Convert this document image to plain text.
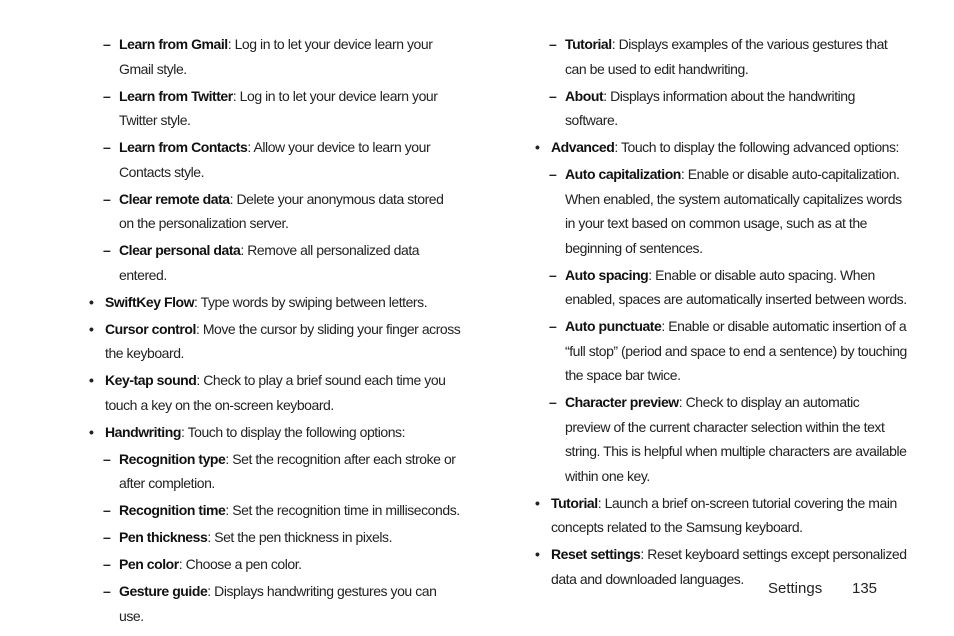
– Learn from Gmail: Log in to let your device learn your Gmail style.
– Learn from Twitter: Log in to let your device learn your Twitter style.
– Learn from Contacts: Allow your device to learn your Contacts style.
– Clear remote data: Delete your anonymous data stored on the personalization server.
– Clear personal data: Remove all personalized data entered.
• SwiftKey Flow: Type words by swiping between letters.
• Cursor control: Move the cursor by sliding your finger across the keyboard.
• Key-tap sound: Check to play a brief sound each time you touch a key on the on-screen keyboard.
• Handwriting: Touch to display the following options:
– Recognition type: Set the recognition after each stroke or after completion.
– Recognition time: Set the recognition time in milliseconds.
– Pen thickness: Set the pen thickness in pixels.
– Pen color: Choose a pen color.
– Gesture guide: Displays handwriting gestures you can use.
– Tutorial: Displays examples of the various gestures that can be used to edit handwriting.
– About: Displays information about the handwriting software.
• Advanced: Touch to display the following advanced options:
– Auto capitalization: Enable or disable auto-capitalization. When enabled, the system automatically capitalizes words in your text based on common usage, such as at the beginning of sentences.
– Auto spacing: Enable or disable auto spacing. When enabled, spaces are automatically inserted between words.
– Auto punctuate: Enable or disable automatic insertion of a “full stop” (period and space to end a sentence) by touching the space bar twice.
– Character preview: Check to display an automatic preview of the current character selection within the text string. This is helpful when multiple characters are available within one key.
• Tutorial: Launch a brief on-screen tutorial covering the main concepts related to the Samsung keyboard.
• Reset settings: Reset keyboard settings except personalized data and downloaded languages.
Settings 135
